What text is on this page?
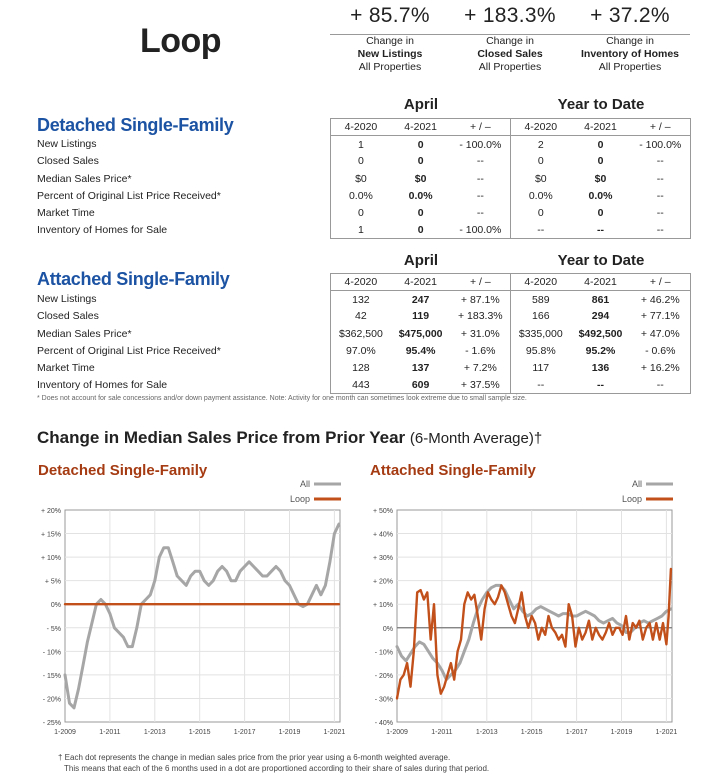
Loop
+ 85.7%
Change in
New Listings
All Properties
+ 183.3%
Change in
Closed Sales
All Properties
+ 37.2%
Change in
Inventory of Homes
All Properties
April	Year to Date
Detached Single-Family
		4-2020	4-2021	+ / –	4-2020	4-2021	+ / –
New Listings	1	0	- 100.0%	2	0	- 100.0%
Closed Sales	0	0	--	0	0	--
Median Sales Price*	$0	$0	--	$0	$0	--
Percent of Original List Price Received*	0.0%	0.0%	--	0.0%	0.0%	--
Market Time	0	0	--	0	0	--
Inventory of Homes for Sale	1	0	- 100.0%	--	--	--
April	Year to Date
Attached Single-Family
		4-2020	4-2021	+ / –	4-2020	4-2021	+ / –
New Listings	132	247	+ 87.1%	589	861	+ 46.2%
Closed Sales	42	119	+ 183.3%	166	294	+ 77.1%
Median Sales Price*	$362,500	$475,000	+ 31.0%	$335,000	$492,500	+ 47.0%
Percent of Original List Price Received*	97.0%	95.4%	- 1.6%	95.8%	95.2%	- 0.6%
Market Time	128	137	+ 7.2%	117	136	+ 16.2%
Inventory of Homes for Sale	443	609	+ 37.5%	--	--	--
* Does not account for sale concessions and/or down payment assistance. Note: Activity for one month can sometimes look extreme due to small sample size.
Change in Median Sales Price from Prior Year (6-Month Average)†
Detached Single-Family	Attached Single-Family
All
Loop
- 25%
- 20%
- 15%
- 10%
- 5%
0%
+ 5%
+ 10%
+ 15%
+ 20%
1-2009	1-2011	1-2013	1-2015	1-2017	1-2019	1-2021
All
Loop
- 40%
- 30%
- 20%
- 10%
0%
+ 10%
+ 20%
+ 30%
+ 40%
+ 50%
1-2009	1-2011	1-2013	1-2015	1-2017	1-2019	1-2021
† Each dot represents the change in median sales price from the prior year using a 6-month weighted average.
This means that each of the 6 months used in a dot are proportioned according to their share of sales during that period.
